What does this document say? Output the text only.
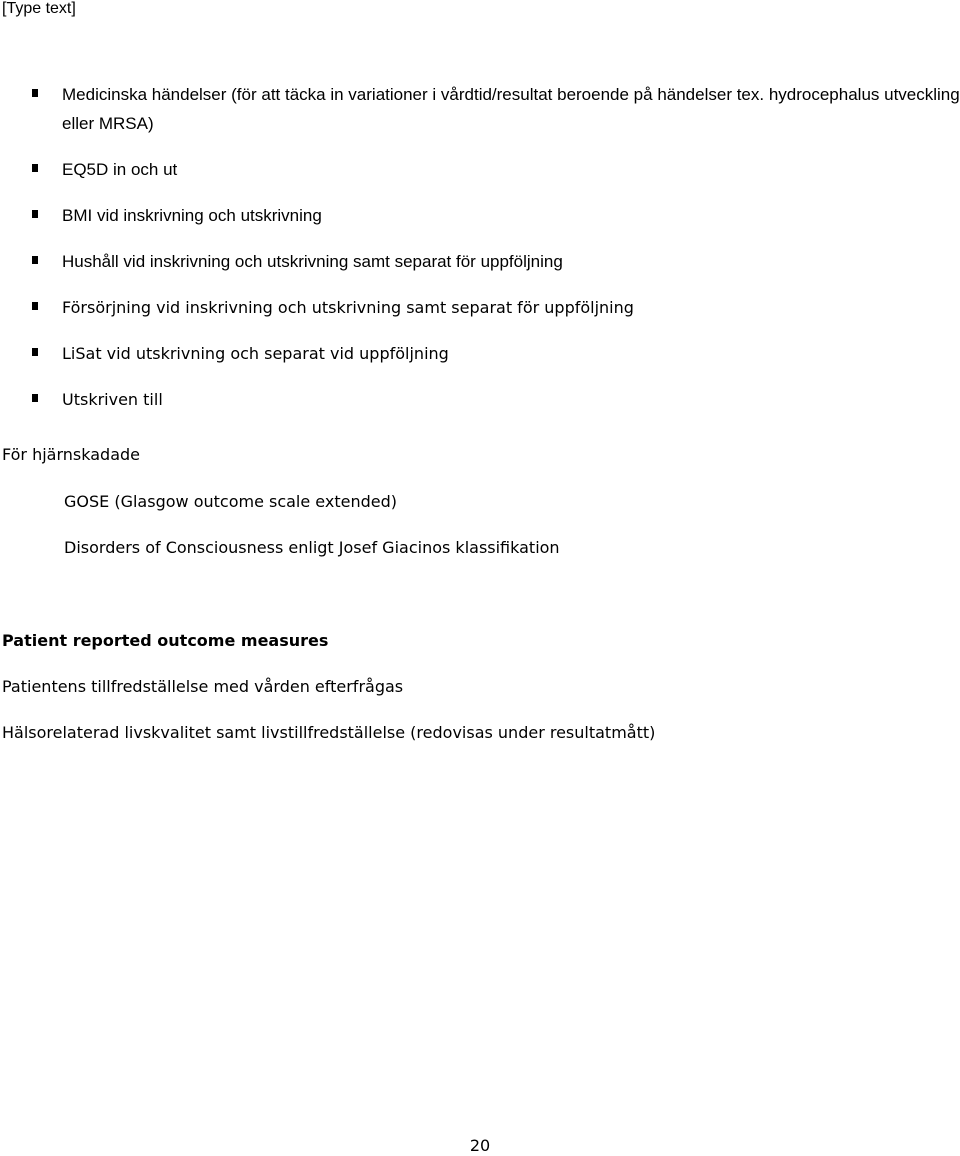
[Type text]
Medicinska händelser (för att täcka in variationer i vårdtid/resultat beroende på händelser tex. hydrocephalus utveckling eller MRSA)
EQ5D in och ut
BMI vid inskrivning och utskrivning
Hushåll vid inskrivning och utskrivning samt separat för uppföljning
Försörjning vid inskrivning och utskrivning samt separat för uppföljning
LiSat vid utskrivning och separat vid uppföljning
Utskriven till
För hjärnskadade
GOSE (Glasgow outcome scale extended)
Disorders of Consciousness enligt Josef Giacinos klassifikation
Patient reported outcome measures
Patientens tillfredställelse med vården efterfrågas
Hälsorelaterad livskvalitet samt livstillfredställelse (redovisas under resultatmått)
20
